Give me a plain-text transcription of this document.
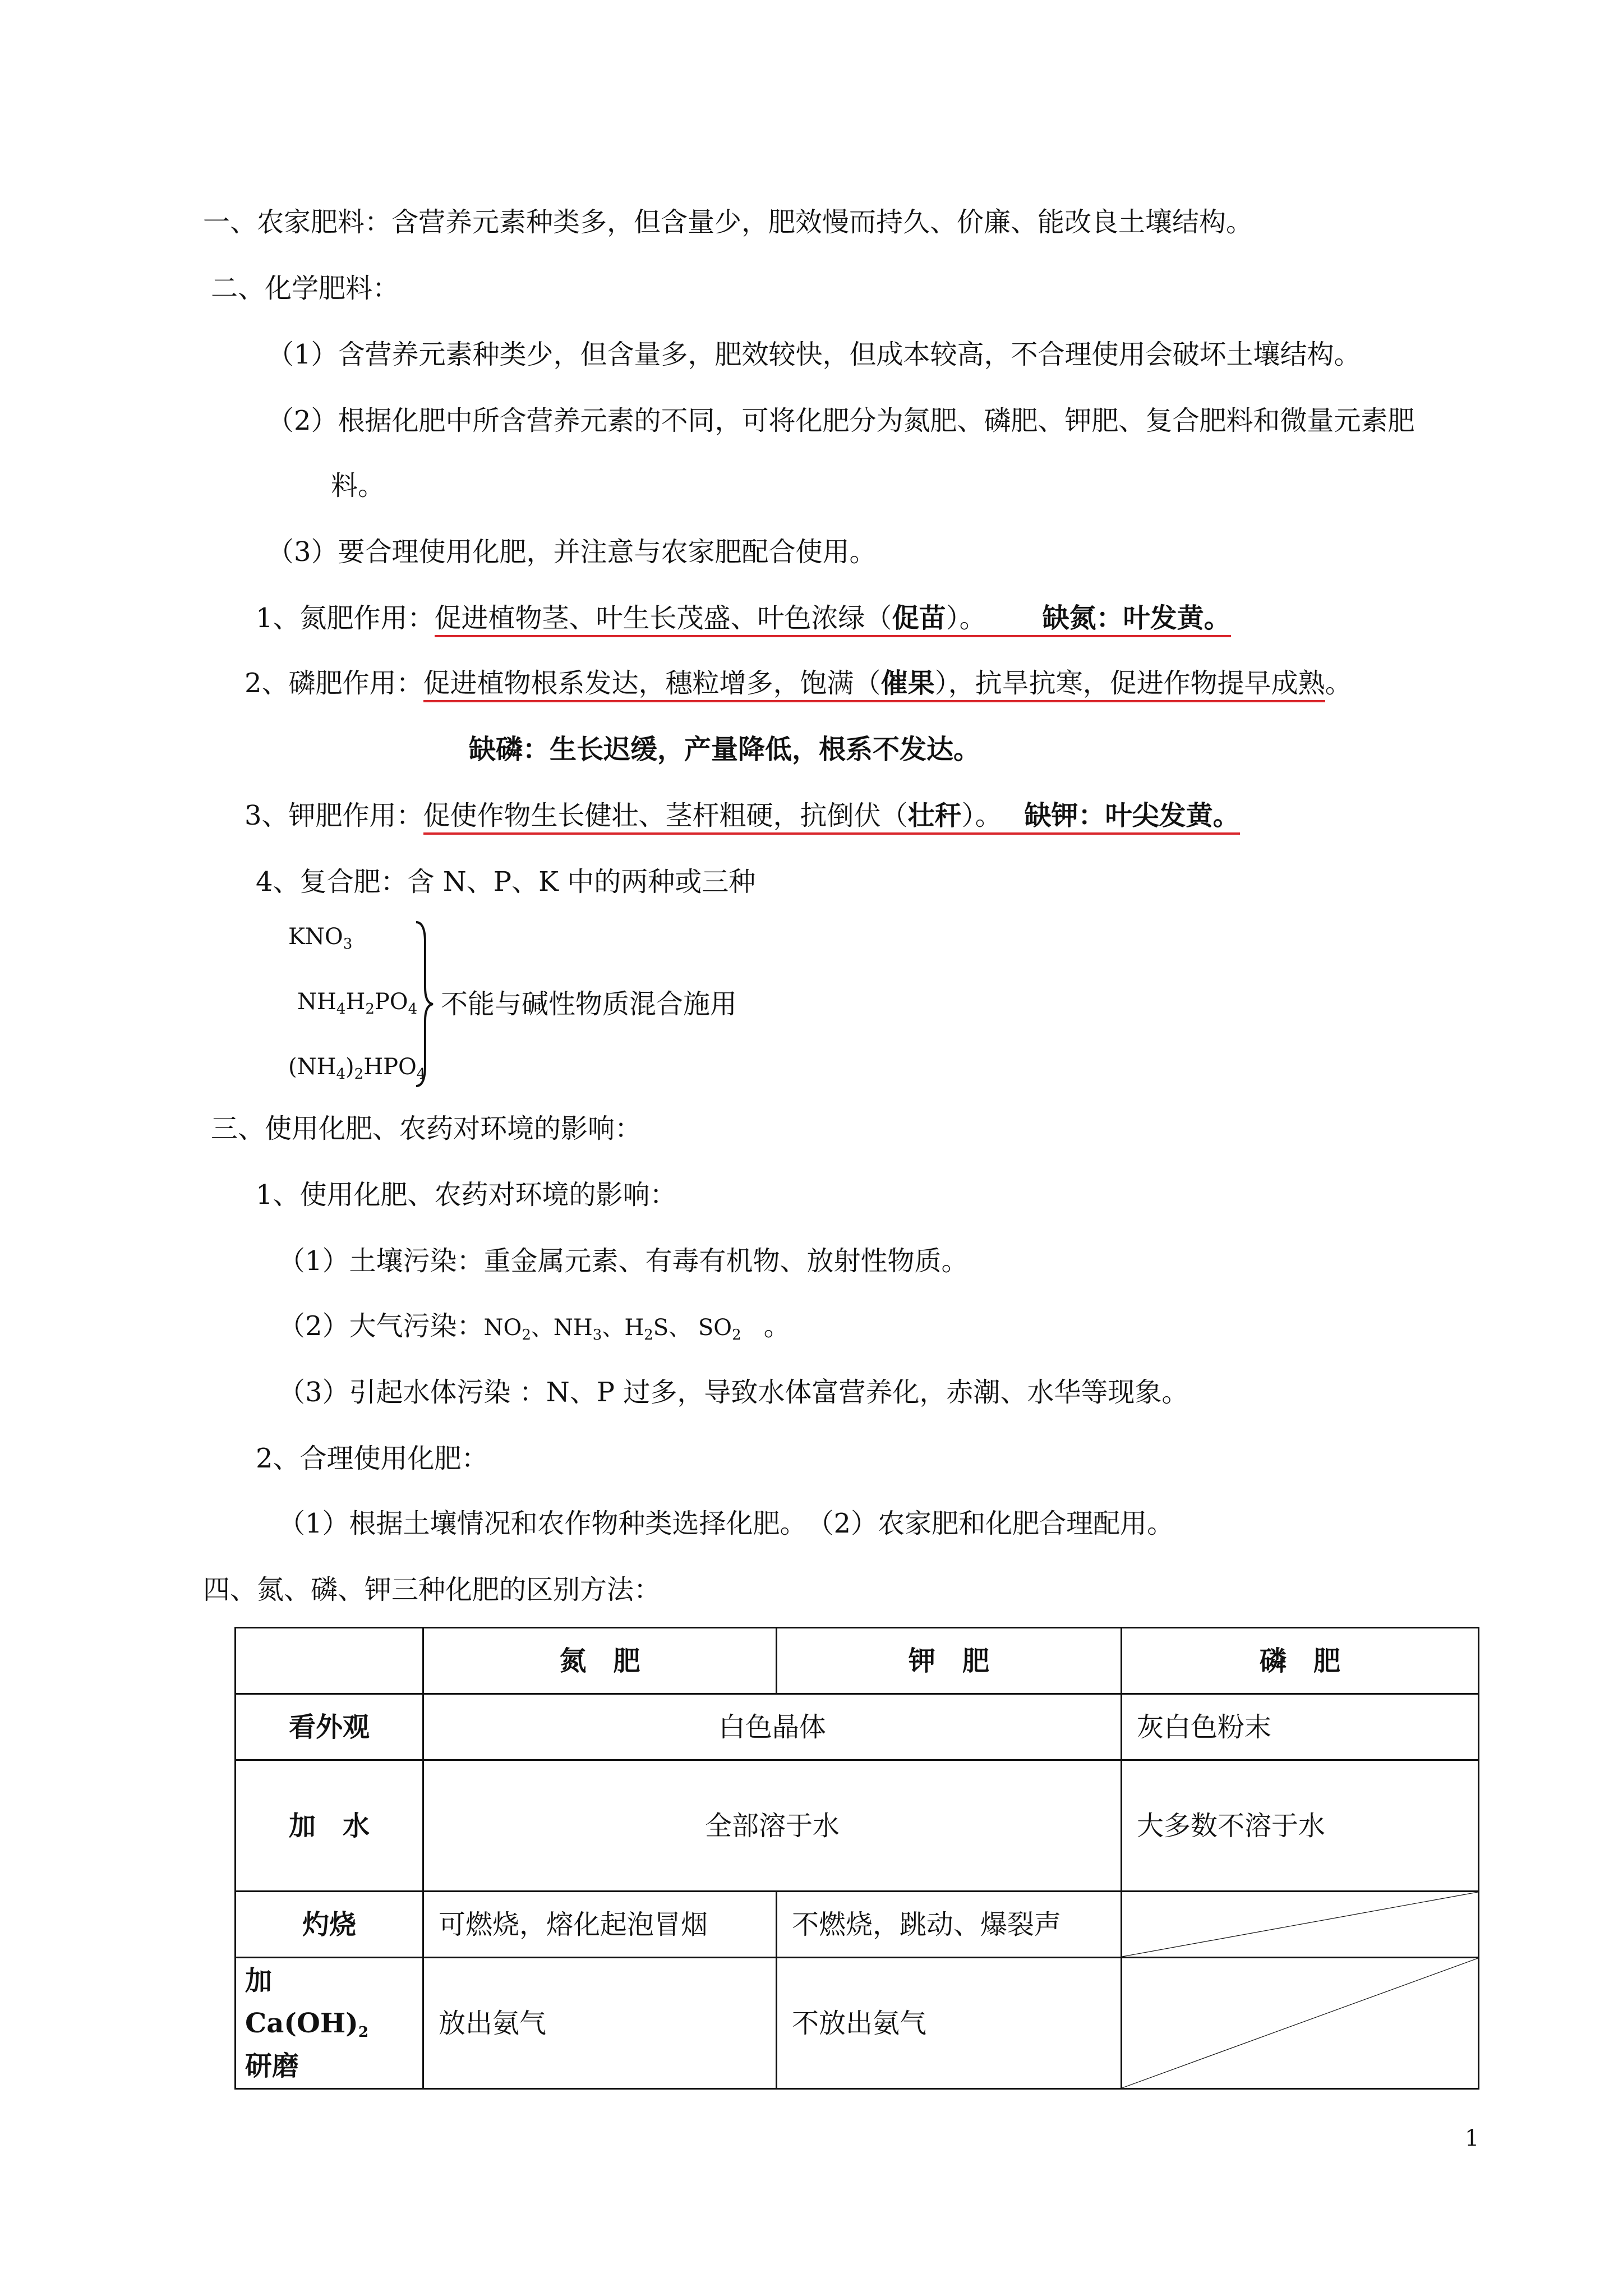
一、农家肥料：含营养元素种类多，但含量少，肥效慢而持久、价廉、能改良土壤结构。
二、化学肥料：
（1）含营养元素种类少，但含量多，肥效较快，但成本较高，不合理使用会破坏土壤结构。
（2）根据化肥中所含营养元素的不同，可将化肥分为氮肥、磷肥、钾肥、复合肥料和微量元素肥
料。
（3）要合理使用化肥，并注意与农家肥配合使用。
1、氮肥作用：促进植物茎、叶生长茂盛、叶色浓绿（促苗）。 缺氮：叶发黄。
2、磷肥作用：促进植物根系发达，穗粒增多，饱满（催果），抗旱抗寒，促进作物提早成熟。
缺磷：生长迟缓，产量降低，根系不发达。
3、钾肥作用：促使作物生长健壮、茎杆粗硬，抗倒伏（壮秆）。 缺钾：叶尖发黄。
4、复合肥：含 N、P、K 中的两种或三种
$KNO_3$
$NH_4H_2PO_4$
$(NH_4)_2HPO_4$
不能与碱性物质混合施用
三、使用化肥、农药对环境的影响：
1、使用化肥、农药对环境的影响：
（1）土壤污染：重金属元素、有毒有机物、放射性物质。
（2）大气污染：$NO_2$、$NH_3$、$H_2S$、 $SO_2$ 。
（3）引起水体污染 ：N、P 过多，导致水体富营养化，赤潮、水华等现象。
2、合理使用化肥：
（1）根据土壤情况和农作物种类选择化肥。　（2）农家肥和化肥合理配用。
四、氮、磷、钾三种化肥的区别方法：
	氮　肥	钾　肥	磷　肥
看外观	白色晶体		灰白色粉末
加　水	全部溶于水		大多数不溶于水
灼烧	可燃烧，熔化起泡冒烟	不燃烧，跳动、爆裂声	

加　$Ca(OH)_2$
研磨	放出氨气	不放出氨气	
1
